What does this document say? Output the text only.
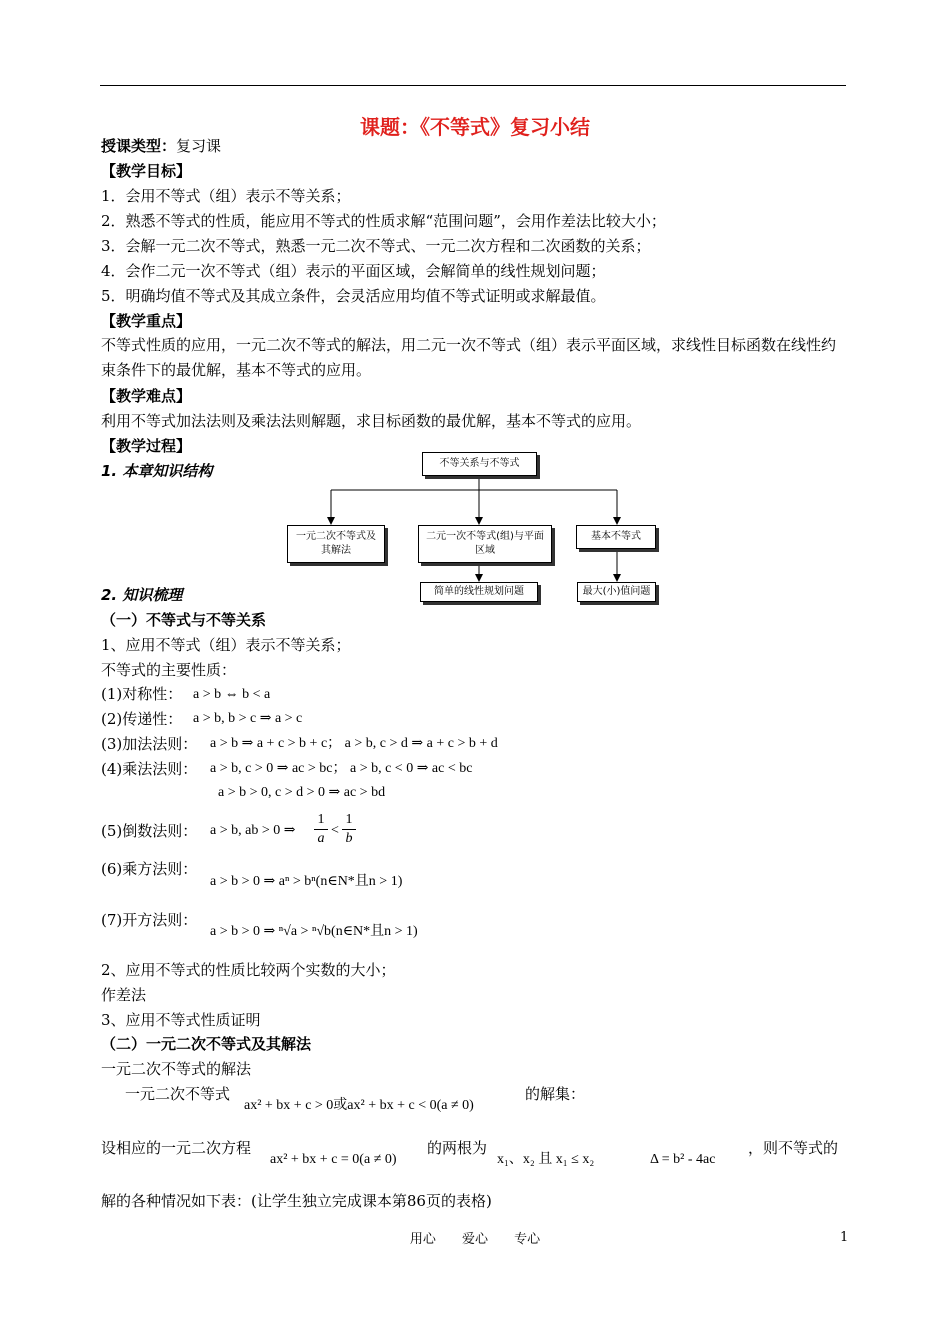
课题：《不等式》复习小结
授课类型：复习课
【教学目标】
1．会用不等式（组）表示不等关系；
2．熟悉不等式的性质，能应用不等式的性质求解“范围问题”，会用作差法比较大小；
3．会解一元二次不等式，熟悉一元二次不等式、一元二次方程和二次函数的关系；
4．会作二元一次不等式（组）表示的平面区域，会解简单的线性规划问题；
5．明确均值不等式及其成立条件，会灵活应用均值不等式证明或求解最值。
【教学重点】
不等式性质的应用，一元二次不等式的解法，用二元一次不等式（组）表示平面区域，求线性目标函数在线性约束条件下的最优解，基本不等式的应用。
【教学难点】
利用不等式加法法则及乘法法则解题，求目标函数的最优解，基本不等式的应用。
【教学过程】
1. 本章知识结构	不等关系与不等式
一元二次不等式及其解法
二元一次不等式(组)与平面区域
基本不等式
简单的线性规划问题	最大(小)值问题
2. 知识梳理
（一）不等式与不等关系
1、应用不等式（组）表示不等关系；
不等式的主要性质：
(1)对称性： a > b ⇔ b < a
(2)传递性： a > b, b > c ⇒ a > c
(3)加法法则： a > b ⇒ a + c > b + c； a > b, c > d ⇒ a + c > b + d
(4)乘法法则： a > b, c > 0 ⇒ ac > bc； a > b, c < 0 ⇒ ac < bc
a > b > 0, c > d > 0 ⇒ ac > bd
(5)倒数法则： a > b, ab > 0 ⇒
1
a
<
1
b
(6)乘方法则：
a > b > 0 ⇒ aⁿ > bⁿ(n∈N*且n > 1)
(7)开方法则：
a > b > 0 ⇒ ⁿ√a > ⁿ√b(n∈N*且n > 1)
2、应用不等式的性质比较两个实数的大小；
作差法
3、应用不等式性质证明
（二）一元二次不等式及其解法
一元二次不等式的解法
一元二次不等式
ax² + bx + c > 0或ax² + bx + c < 0(a ≠ 0)
的解集：
设相应的一元二次方程
ax² + bx + c = 0(a ≠ 0)
的两根为
x₁、x₂ 且 x₁ ≤ x₂	Δ = b² - 4ac
，则不等式的
解的各种情况如下表：(让学生独立完成课本第86页的表格)
用心 爱心 专心	1
